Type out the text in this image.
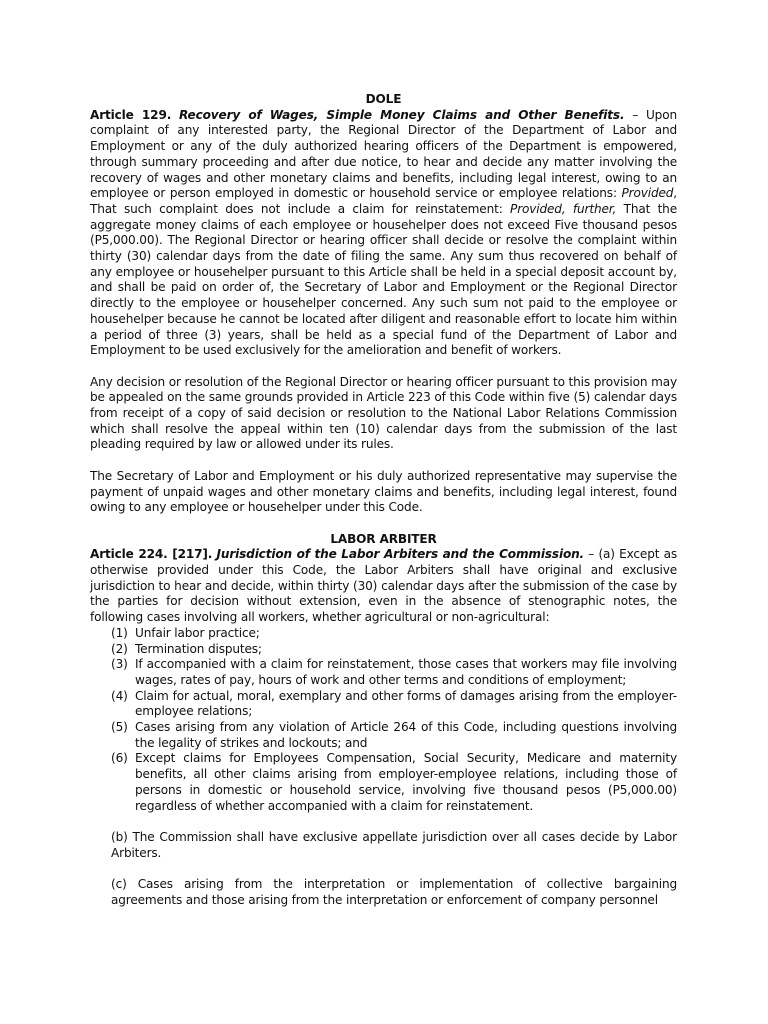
DOLE

Article 129. Recovery of Wages, Simple Money Claims and Other Benefits. – Upon complaint of any interested party, the Regional Director of the Department of Labor and Employment or any of the duly authorized hearing officers of the Department is empowered, through summary proceeding and after due notice, to hear and decide any matter involving the recovery of wages and other monetary claims and benefits, including legal interest, owing to an employee or person employed in domestic or household service or employee relations: Provided, That such complaint does not include a claim for reinstatement: Provided, further, That the aggregate money claims of each employee or househelper does not exceed Five thousand pesos (P5,000.00). The Regional Director or hearing officer shall decide or resolve the complaint within thirty (30) calendar days from the date of filing the same. Any sum thus recovered on behalf of any employee or househelper pursuant to this Article shall be held in a special deposit account by, and shall be paid on order of, the Secretary of Labor and Employment or the Regional Director directly to the employee or househelper concerned. Any such sum not paid to the employee or househelper because he cannot be located after diligent and reasonable effort to locate him within a period of three (3) years, shall be held as a special fund of the Department of Labor and Employment to be used exclusively for the amelioration and benefit of workers.

Any decision or resolution of the Regional Director or hearing officer pursuant to this provision may be appealed on the same grounds provided in Article 223 of this Code within five (5) calendar days from receipt of a copy of said decision or resolution to the National Labor Relations Commission which shall resolve the appeal within ten (10) calendar days from the submission of the last pleading required by law or allowed under its rules.

The Secretary of Labor and Employment or his duly authorized representative may supervise the payment of unpaid wages and other monetary claims and benefits, including legal interest, found owing to any employee or househelper under this Code.

LABOR ARBITER

Article 224. [217]. Jurisdiction of the Labor Arbiters and the Commission. – (a) Except as otherwise provided under this Code, the Labor Arbiters shall have original and exclusive jurisdiction to hear and decide, within thirty (30) calendar days after the submission of the case by the parties for decision without extension, even in the absence of stenographic notes, the following cases involving all workers, whether agricultural or non-agricultural:

(1) Unfair labor practice;
(2) Termination disputes;
(3) If accompanied with a claim for reinstatement, those cases that workers may file involving wages, rates of pay, hours of work and other terms and conditions of employment;
(4) Claim for actual, moral, exemplary and other forms of damages arising from the employer-employee relations;
(5) Cases arising from any violation of Article 264 of this Code, including questions involving the legality of strikes and lockouts; and
(6) Except claims for Employees Compensation, Social Security, Medicare and maternity benefits, all other claims arising from employer-employee relations, including those of persons in domestic or household service, involving five thousand pesos (P5,000.00) regardless of whether accompanied with a claim for reinstatement.

(b) The Commission shall have exclusive appellate jurisdiction over all cases decide by Labor Arbiters.

(c) Cases arising from the interpretation or implementation of collective bargaining agreements and those arising from the interpretation or enforcement of company personnel
